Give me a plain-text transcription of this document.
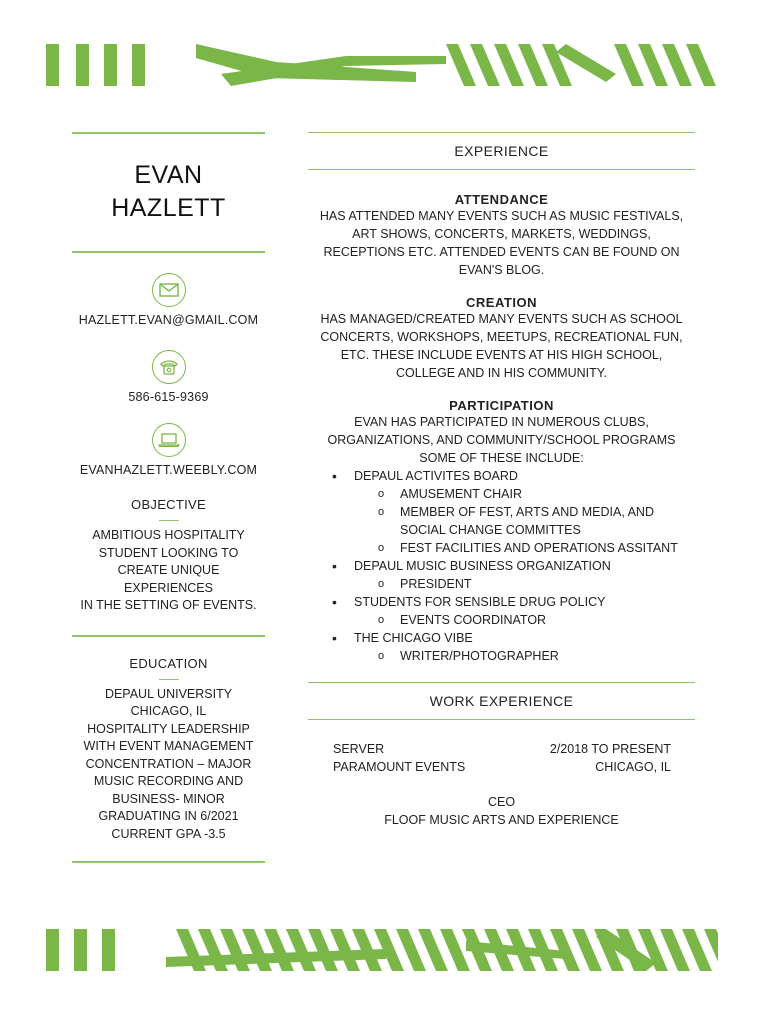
EVAN
HAZLETT
HAZLETT.EVAN@GMAIL.COM
586-615-9369
EVANHAZLETT.WEEBLY.COM
OBJECTIVE
AMBITIOUS HOSPITALITY
STUDENT LOOKING TO
CREATE UNIQUE EXPERIENCES
IN THE SETTING OF EVENTS.
EDUCATION
DEPAUL UNIVERSITY
CHICAGO, IL
HOSPITALITY LEADERSHIP
WITH EVENT MANAGEMENT
CONCENTRATION – MAJOR
MUSIC RECORDING AND
BUSINESS- MINOR
GRADUATING IN 6/2021
CURRENT GPA -3.5
EXPERIENCE
ATTENDANCE
HAS ATTENDED MANY EVENTS SUCH AS MUSIC FESTIVALS,
ART SHOWS, CONCERTS, MARKETS, WEDDINGS,
RECEPTIONS ETC. ATTENDED EVENTS CAN BE FOUND ON
EVAN'S BLOG.
CREATION
HAS MANAGED/CREATED MANY EVENTS SUCH AS SCHOOL
CONCERTS, WORKSHOPS, MEETUPS, RECREATIONAL FUN,
ETC. THESE INCLUDE EVENTS AT HIS HIGH SCHOOL,
COLLEGE AND IN HIS COMMUNITY.
PARTICIPATION
EVAN HAS PARTICIPATED IN NUMEROUS CLUBS,
ORGANIZATIONS, AND COMMUNITY/SCHOOL PROGRAMS
SOME OF THESE INCLUDE:
• DEPAUL ACTIVITES BOARD
o AMUSEMENT CHAIR
o MEMBER OF FEST, ARTS AND MEDIA, AND
SOCIAL CHANGE COMMITTES
o FEST FACILITIES AND OPERATIONS ASSITANT
• DEPAUL MUSIC BUSINESS ORGANIZATION
o PRESIDENT
• STUDENTS FOR SENSIBLE DRUG POLICY
o EVENTS COORDINATOR
• THE CHICAGO VIBE
o WRITER/PHOTOGRAPHER
WORK EXPERIENCE
SERVER
PARAMOUNT EVENTS
2/2018 TO PRESENT
CHICAGO, IL
CEO
FLOOF MUSIC ARTS AND EXPERIENCE
